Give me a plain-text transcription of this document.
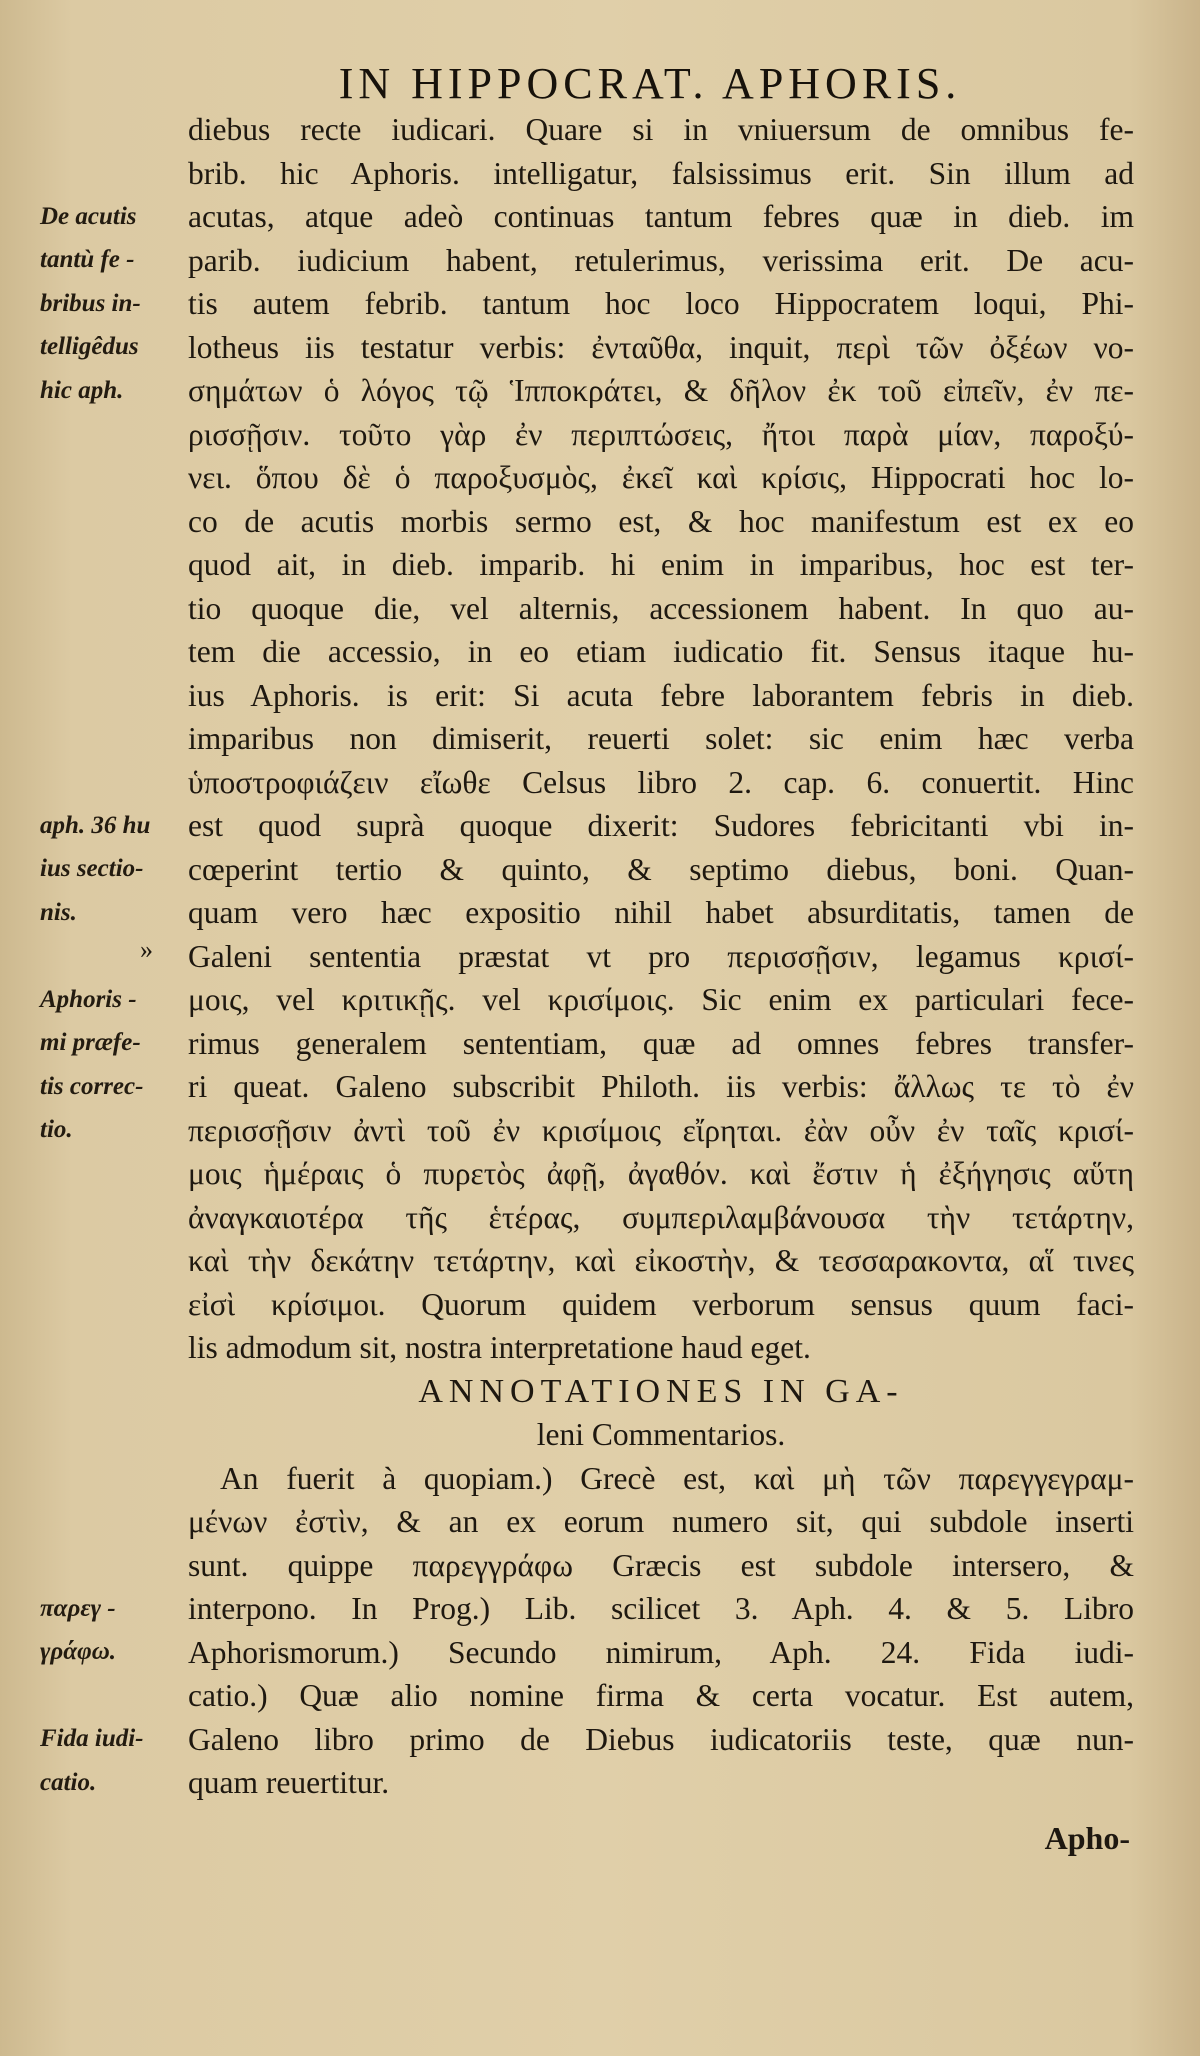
IN HIPPOCRAT. APHORIS.
diebus recte iudicari. Quare si in vniuersum de omnibus fe-
brib. hic Aphoris. intelligatur, falsissimus erit. Sin illum ad
acutas, atque adeò continuas tantum febres quæ in dieb. im
parib. iudicium habent, retulerimus, verissima erit. De acu-
tis autem febrib. tantum hoc loco Hippocratem loqui, Phi-
lotheus iis testatur verbis: ἐνταῦθα, inquit, περὶ τῶν ὀξέων νο-
σημάτων ὁ λόγος τῷ Ἱπποκράτει, & δῆλον ἐκ τοῦ εἰπεῖν, ἐν πε-
ρισσῇσιν. τοῦτο γὰρ ἐν περιπτώσεις, ἤτοι παρὰ μίαν, παροξύ-
νει. ὅπου δὲ ὁ παροξυσμὸς, ἐκεῖ καὶ κρίσις, Hippocrati hoc lo-
co de acutis morbis sermo est, & hoc manifestum est ex eo
quod ait, in dieb. imparib. hi enim in imparibus, hoc est ter-
tio quoque die, vel alternis, accessionem habent. In quo au-
tem die accessio, in eo etiam iudicatio fit. Sensus itaque hu-
ius Aphoris. is erit: Si acuta febre laborantem febris in dieb.
imparibus non dimiserit, reuerti solet: sic enim hæc verba
ὑποστροφιάζειν εἴωθε Celsus libro 2. cap. 6. conuertit. Hinc
est quod suprà quoque dixerit: Sudores febricitanti vbi in-
cœperint tertio & quinto, & septimo diebus, boni. Quan-
quam vero hæc expositio nihil habet absurditatis, tamen de
Galeni sententia præstat vt pro περισσῇσιν, legamus κρισί-
μοις, vel κριτικῇς. vel κρισίμοις. Sic enim ex particulari fece-
rimus generalem sententiam, quæ ad omnes febres transfer-
ri queat. Galeno subscribit Philoth. iis verbis: ἄλλως τε τὸ ἐν
περισσῇσιν ἀντὶ τοῦ ἐν κρισίμοις εἴρηται. ἐὰν οὖν ἐν ταῖς κρισί-
μοις ἡμέραις ὁ πυρετὸς ἀφῇ, ἀγαθόν. καὶ ἔστιν ἡ ἐξήγησις αὕτη
ἀναγκαιοτέρα τῆς ἑτέρας, συμπεριλαμβάνουσα τὴν τετάρτην,
καὶ τὴν δεκάτην τετάρτην, καὶ εἰκοστὴν, & τεσσαρακοντα, αἵ τινες
εἰσὶ κρίσιμοι. Quorum quidem verborum sensus quum faci-
lis admodum sit, nostra interpretatione haud eget.
ANNOTATIONES IN GA-
leni Commentarios.
An fuerit à quopiam.) Grecè est, καὶ μὴ τῶν παρεγγεγραμ-
μένων ἐστὶν, & an ex eorum numero sit, qui subdole inserti
sunt. quippe παρεγγράφω Græcis est subdole intersero, &
interpono. In Prog.) Lib. scilicet 3. Aph. 4. & 5. Libro
Aphorismorum.) Secundo nimirum, Aph. 24. Fida iudi-
catio.) Quæ alio nomine firma & certa vocatur. Est autem,
Galeno libro primo de Diebus iudicatoriis teste, quæ nun-
quam reuertitur.
»
De acutis
tantù fe -
bribus in-
telligêdus
hic aph.
aph. 36 hu
ius sectio-
nis.
Aphoris -
mi præfe-
tis correc-
tio.
παρεγ -
γράφω.
Fida iudi-
catio.
Apho-
